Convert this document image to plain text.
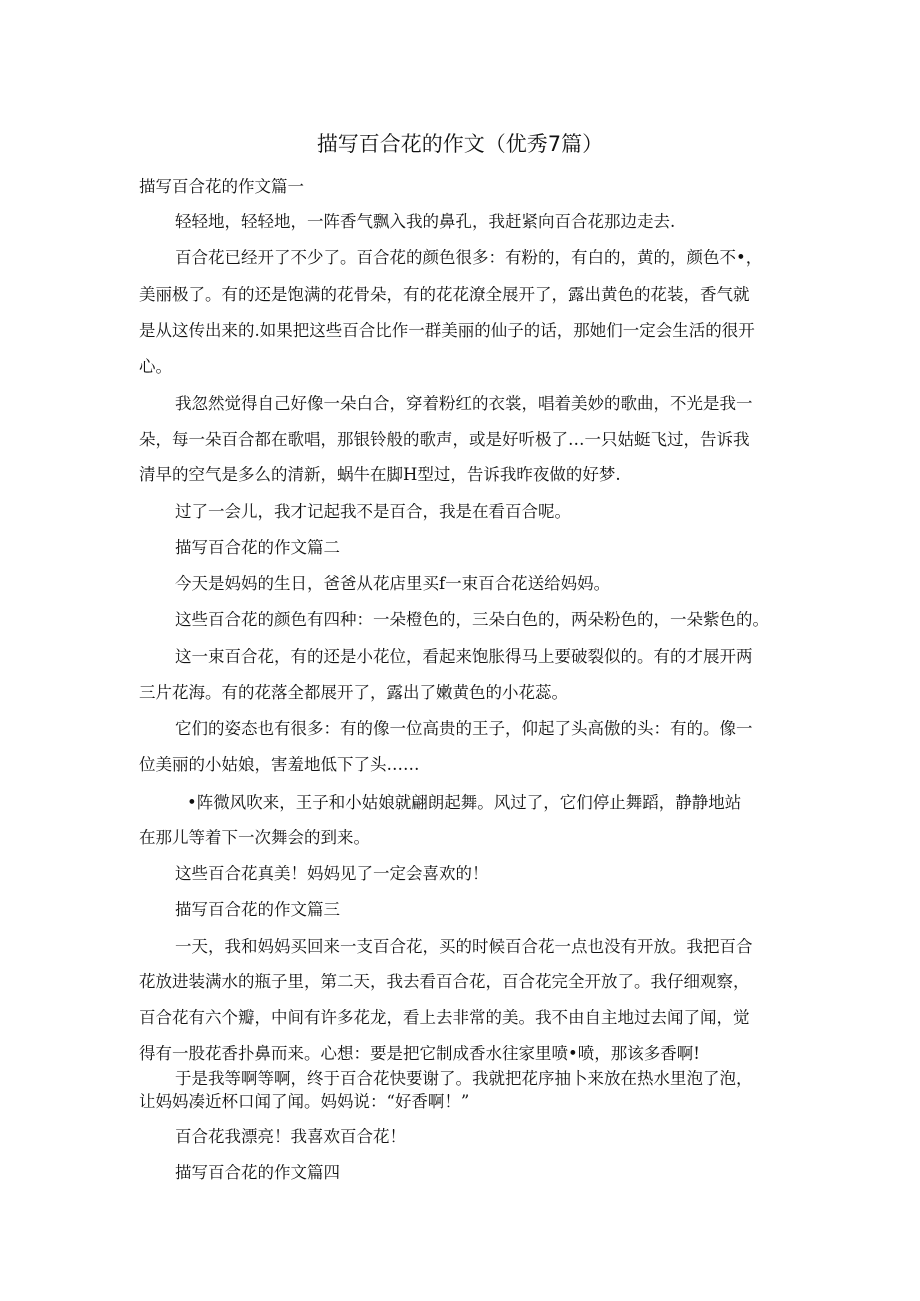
描写百合花的作文（优秀7篇）
描写百合花的作文篇一
轻轻地，轻轻地，一阵香气飘入我的鼻孔，我赶紧向百合花那边走去.
百合花已经开了不少了。百合花的颜色很多：有粉的，有白的，黄的，颜色不•，
美丽极了。有的还是饱满的花骨朵，有的花花潦全展开了，露出黄色的花装，香气就
是从这传出来的.如果把这些百合比作一群美丽的仙子的话，那她们一定会生活的很开
心。
我忽然觉得自己好像一朵白合，穿着粉红的衣裳，唱着美妙的歌曲，不光是我一
朵，每一朵百合都在歌唱，那银铃般的歌声，或是好听极了…一只姑蜓飞过，告诉我
清早的空气是多么的清新，蜗牛在脚H型过，告诉我昨夜做的好梦.
过了一会儿，我才记起我不是百合，我是在看百合呢。
描写百合花的作文篇二
今天是妈妈的生日，爸爸从花店里买f一束百合花送给妈妈。
这些百合花的颜色有四种：一朵橙色的，三朵白色的，两朵粉色的，一朵紫色的。
这一束百合花，有的还是小花位，看起来饱胀得马上要破裂似的。有的才展开两
三片花海。有的花落全都展开了，露出了嫩黄色的小花蕊。
它们的姿态也有很多：有的像一位高贵的王子，仰起了头高傲的头：有的。像一
位美丽的小姑娘，害羞地低下了头……
•阵微风吹来，王子和小姑娘就翩朗起舞。风过了，它们停止舞蹈，静静地站
在那儿等着下一次舞会的到来。
这些百合花真美！妈妈见了一定会喜欢的！
描写百合花的作文篇三
一天，我和妈妈买回来一支百合花，买的时候百合花一点也没有开放。我把百合
花放进装满水的瓶子里，第二天，我去看百合花，百合花完全开放了。我仔细观察，
百合花有六个瓣，中间有许多花龙，看上去非常的美。我不由自主地过去闻了闻，觉
得有一股花香扑鼻而来。心想：要是把它制成香水往家里喷•喷，那该多香啊!
于是我等啊等啊，终于百合花快要谢了。我就把花序抽卜来放在热水里泡了泡，
让妈妈凑近杯口闻了闻。妈妈说：“好香啊！”
百合花我漂亮！我喜欢百合花！
描写百合花的作文篇四
